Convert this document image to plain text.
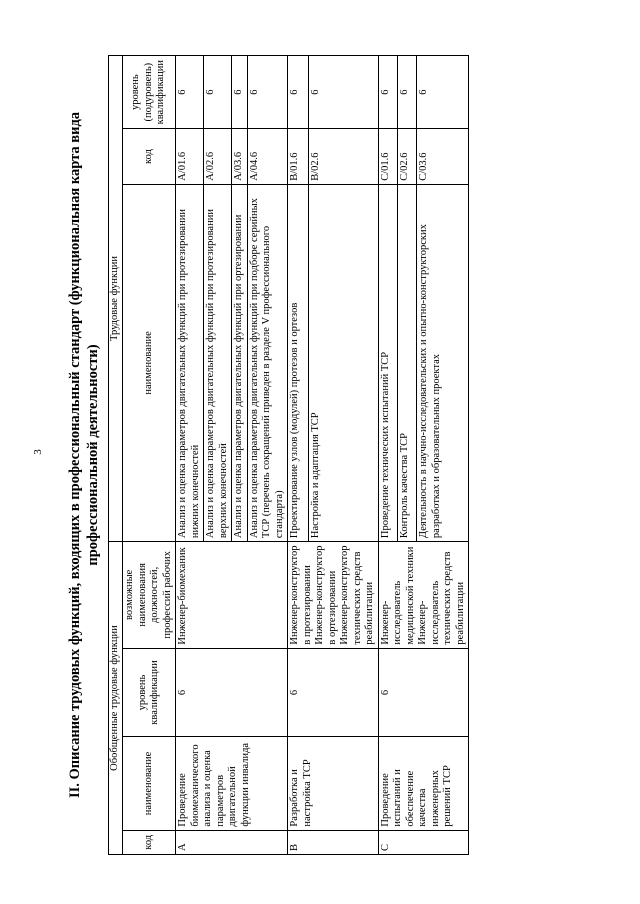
3 II. Описание трудовых функций, входящих в профессиональный стандарт (функциональная карта вида профессиональной деятельности)
Обобщенные трудовые функции				Трудовые функции		
код	наименование	уровень квалификации	возможные наименования должностей, профессий рабочих	наименование	код	уровень (подуровень) квалификации
A	Проведение биомеханического анализа и оценка параметров двигательной функции инвалида	6	Инженер-биомеханик	Анализ и оценка параметров двигательных функций при протезировании нижних конечностей	A/01.6	6
				Анализ и оценка параметров двигательных функций при протезировании верхних конечностей	A/02.6	6
				Анализ и оценка параметров двигательных функций при ортезировании	A/03.6	6
				Анализ и оценка параметров двигательных функций при подборе серийных ТСР (перечень сокращений приведен в разделе V профессионального стандарта)	A/04.6	6
B	Разработка и настройка ТСР	6	Инженер-конструктор в протезировании Инженер-конструктор в ортезировании Инженер-конструктор технических средств реабилитации	Проектирование узлов (модулей) протезов и ортезов	B/01.6	6
				Настройка и адаптация ТСР	B/02.6	6
C	Проведение испытаний и обеспечение качества инженерных решений ТСР	6	Инженер-исследователь медицинской техники Инженер-исследователь технических средств реабилитации	Проведение технических испытаний ТСР	C/01.6	6
				Контроль качества ТСР	C/02.6	6
				Деятельность в научно-исследовательских и опытно-конструкторских разработках и образовательных проектах	C/03.6	6
